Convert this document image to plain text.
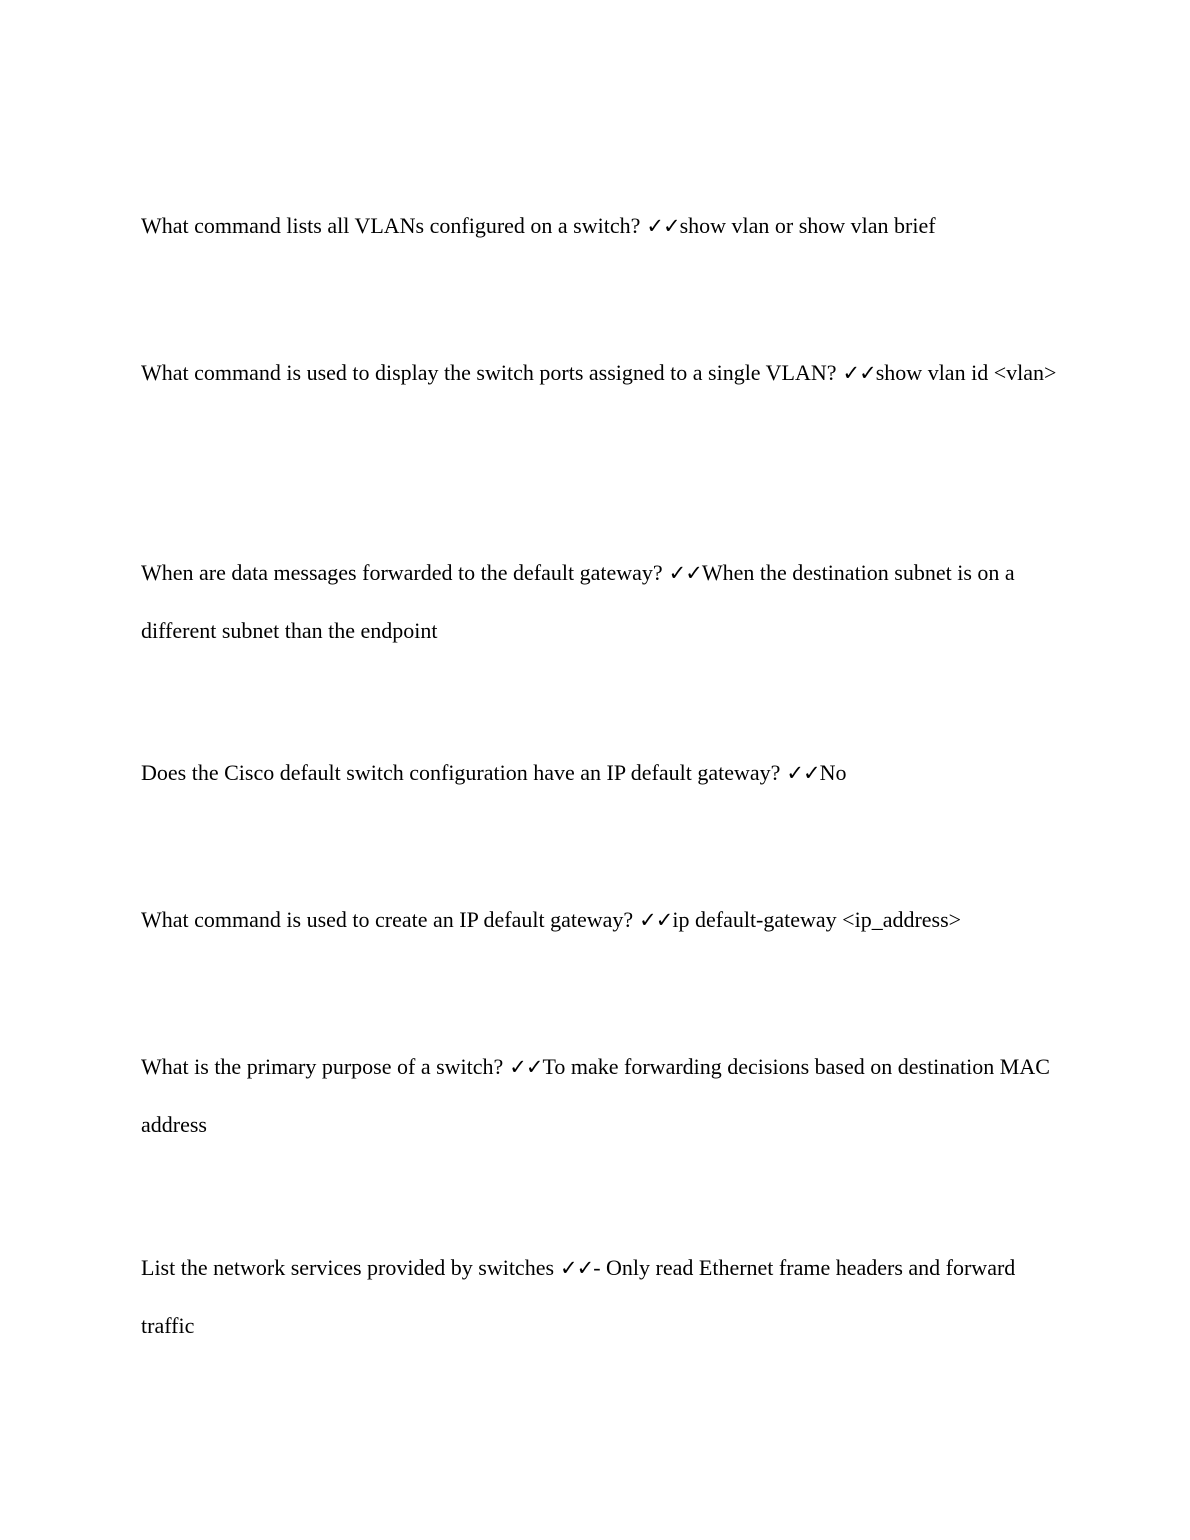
What command lists all VLANs configured on a switch? ✓✓show vlan or show vlan brief

What command is used to display the switch ports assigned to a single VLAN? ✓✓show vlan id <vlan>

When are data messages forwarded to the default gateway? ✓✓When the destination subnet is on a different subnet than the endpoint

Does the Cisco default switch configuration have an IP default gateway? ✓✓No

What command is used to create an IP default gateway? ✓✓ip default-gateway <ip_address>

What is the primary purpose of a switch? ✓✓To make forwarding decisions based on destination MAC address

List the network services provided by switches ✓✓- Only read Ethernet frame headers and forward traffic
